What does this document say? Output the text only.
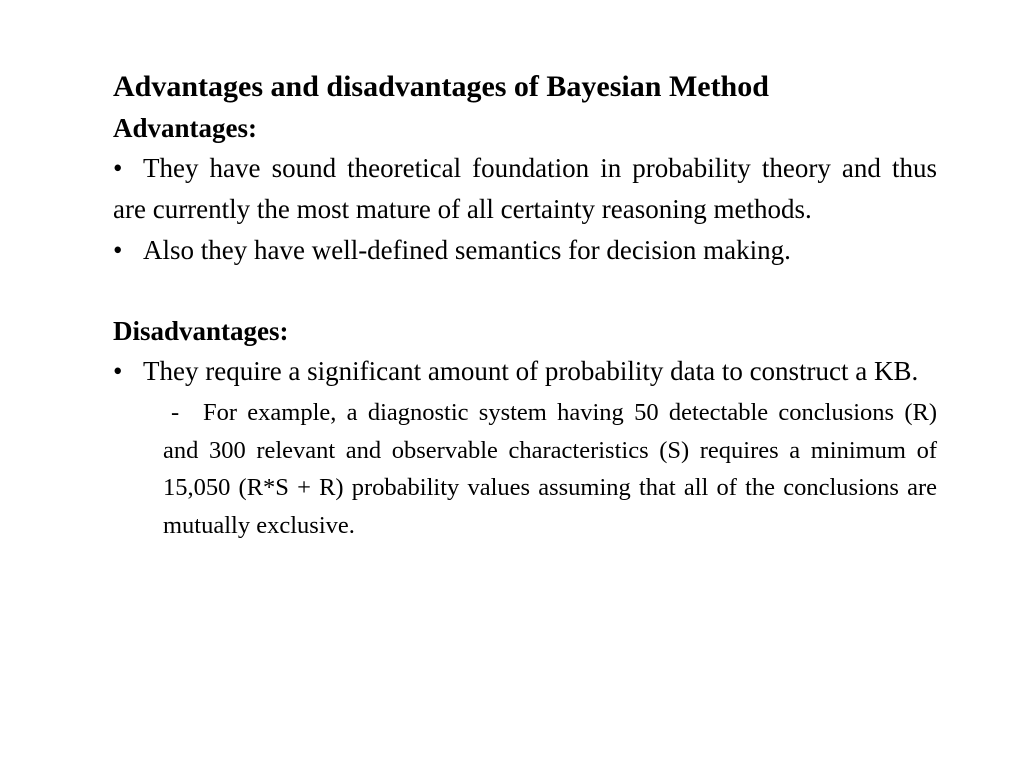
Advantages and disadvantages of Bayesian Method
Advantages:

• They have sound theoretical foundation in probability theory and thus are currently the most mature of all certainty reasoning methods.

• Also they have well-defined semantics for decision making.

Disadvantages:

• They require a significant amount of probability data to construct a KB.

- For example, a diagnostic system having 50 detectable conclusions (R) and 300 relevant and observable characteristics (S) requires a minimum of 15,050 (R*S + R) probability values assuming that all of the conclusions are mutually exclusive.
